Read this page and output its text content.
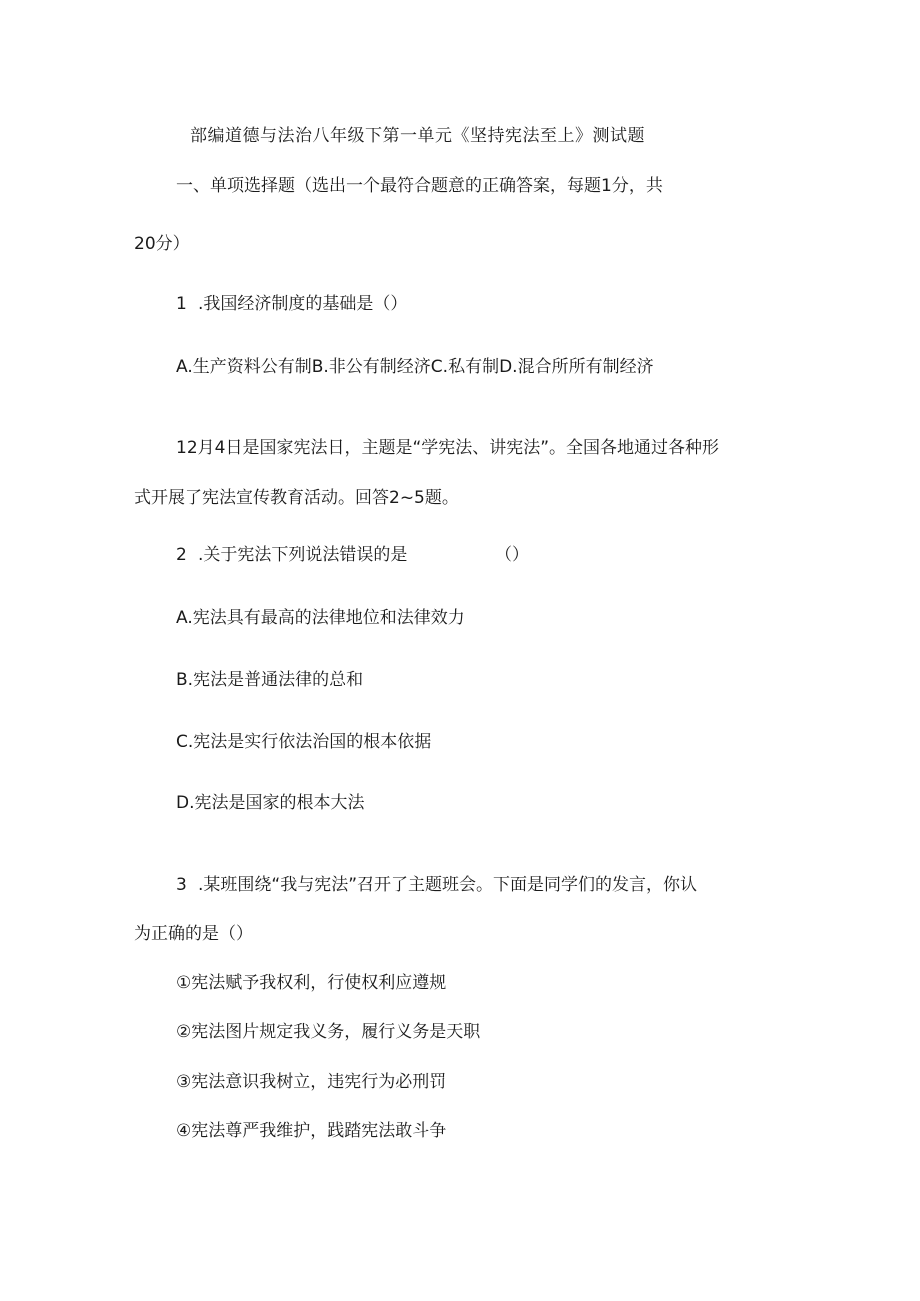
部编道德与法治八年级下第一单元《坚持宪法至上》测试题
一、单项选择题（选出一个最符合题意的正确答案，每题1分，共
20分）
1 .我国经济制度的基础是（）
A.生产资料公有制B.非公有制经济C.私有制D.混合所所有制经济
12月4日是国家宪法日，主题是“学宪法、讲宪法”。全国各地通过各种形
式开展了宪法宣传教育活动。回答2~5题。
2 .关于宪法下列说法错误的是	（）
A.宪法具有最高的法律地位和法律效力
B.宪法是普通法律的总和
C.宪法是实行依法治国的根本依据
D.宪法是国家的根本大法
3 .某班围绕“我与宪法”召开了主题班会。下面是同学们的发言，你认
为正确的是（）
①宪法赋予我权利，行使权利应遵规
②宪法图片规定我义务，履行义务是天职
③宪法意识我树立，违宪行为必刑罚
④宪法尊严我维护，践踏宪法敢斗争
